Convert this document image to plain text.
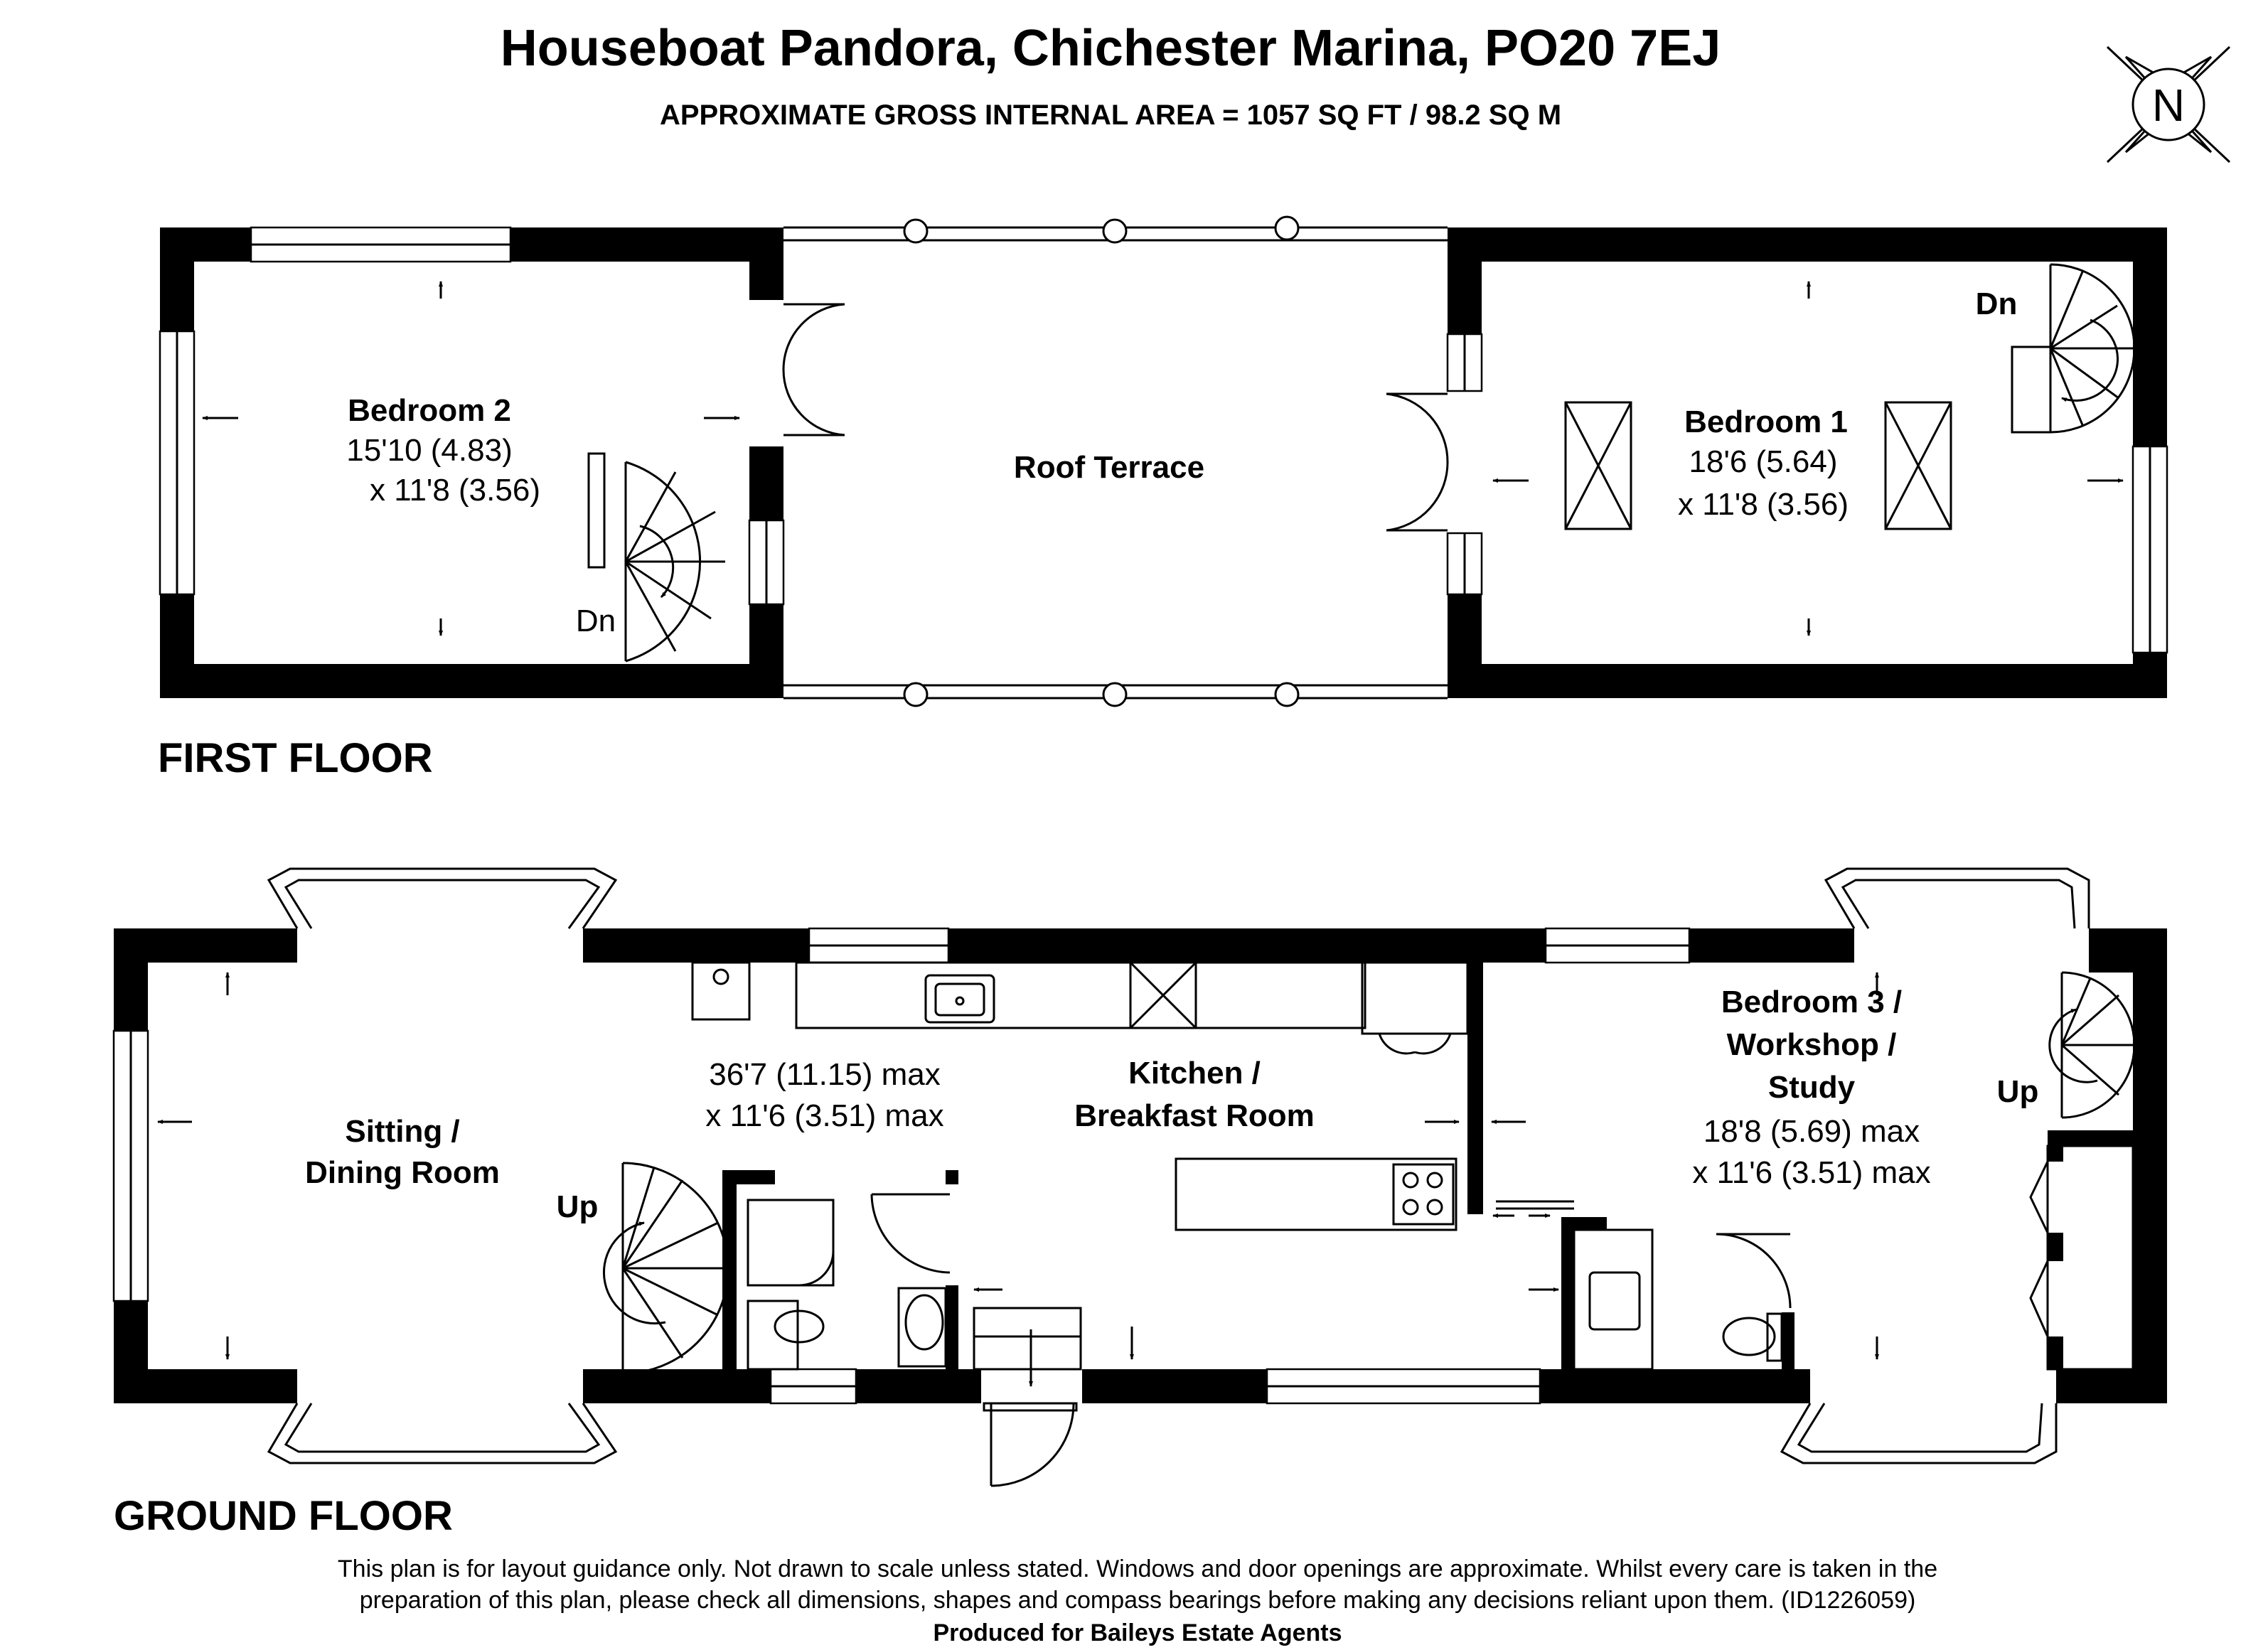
Houseboat Pandora, Chichester Marina, PO20 7EJ
APPROXIMATE GROSS INTERNAL AREA = 1057 SQ FT / 98.2 SQ M	N
Dn
Bedroom 2
15'10 (4.83)
x 11'8 (3.56)
Roof Terrace
Dn
Bedroom 1
18'6 (5.64)
x 11'8 (3.56)
FIRST FLOOR
Up
Up
Sitting /
Dining Room
36'7 (11.15) max
x 11'6 (3.51) max
Kitchen /
Breakfast Room
Bedroom 3 /
Workshop /
Study
18'8 (5.69) max
x 11'6 (3.51) max
GROUND FLOOR
This plan is for layout guidance only. Not drawn to scale unless stated. Windows and door openings are approximate. Whilst every care is taken in the
preparation of this plan, please check all dimensions, shapes and compass bearings before making any decisions reliant upon them. (ID1226059)
Produced for Baileys Estate Agents
